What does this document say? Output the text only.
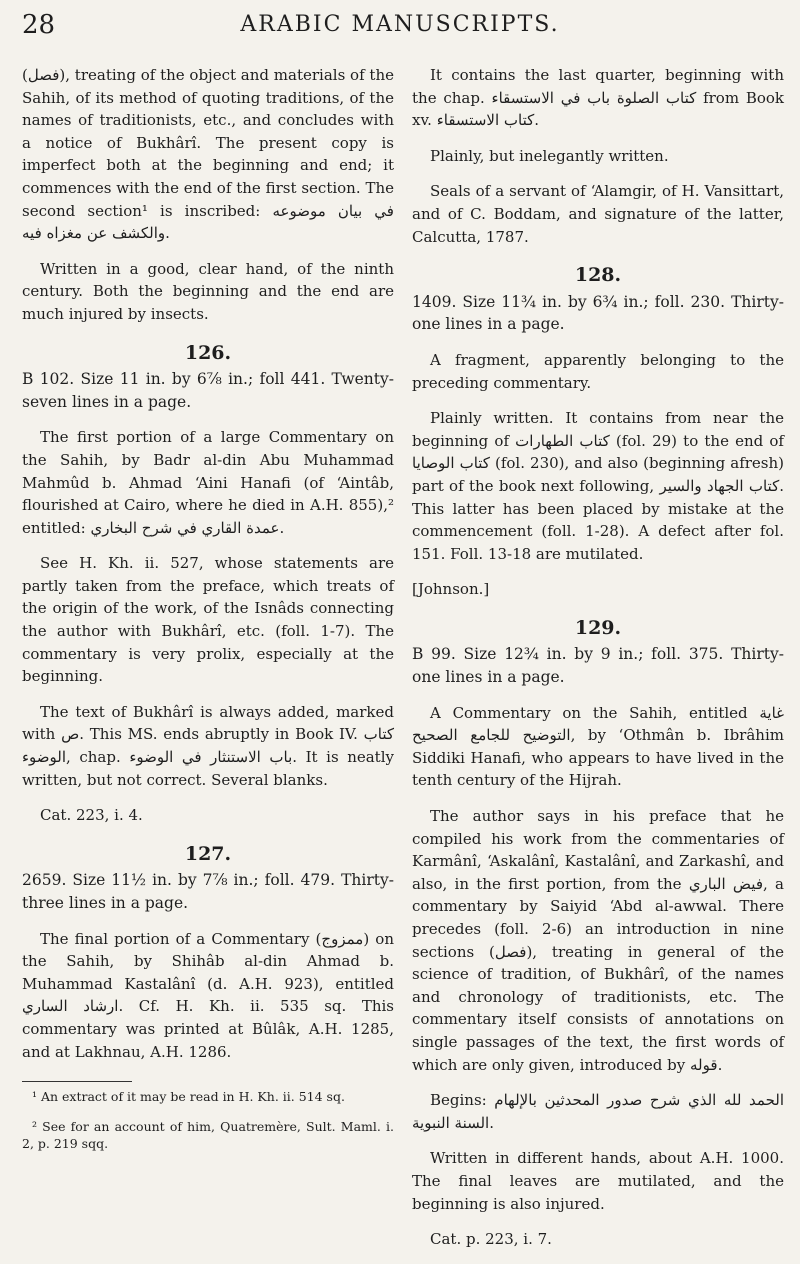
28	ARABIC MANUSCRIPTS.

(فصل), treating of the object and materials of the Sahih, of its method of quoting traditions, of the names of traditionists, etc., and concludes with a notice of Bukhârî. The present copy is imperfect both at the beginning and end; it commences with the end of the first section. The second section¹ is inscribed: في بيان موضوعه والكشف عن مغزاه فيه.

Written in a good, clear hand, of the ninth century. Both the beginning and the end are much injured by insects.

126.

B 102. Size 11 in. by 6⅞ in.; foll 441. Twenty-seven lines in a page.

The first portion of a large Commentary on the Sahih, by Badr al-din Abu Muhammad Mahmûd b. Ahmad ‘Aini Hanafi (of ‘Aintâb, flourished at Cairo, where he died in A.H. 855),² entitled: عمدة القاري في شرح البخاري.

See H. Kh. ii. 527, whose statements are partly taken from the preface, which treats of the origin of the work, of the Isnâds connecting the author with Bukhârî, etc. (foll. 1-7). The commentary is very prolix, especially at the beginning.

The text of Bukhârî is always added, marked with ص. This MS. ends abruptly in Book IV. كتاب الوضوء, chap. باب الاستنثار في الوضوء. It is neatly written, but not correct. Several blanks.

Cat. 223, i. 4.

127.

2659. Size 11½ in. by 7⅞ in.; foll. 479. Thirty-three lines in a page.

The final portion of a Commentary (ممزوج) on the Sahih, by Shihâb al-din Ahmad b. Muhammad Kastalânî (d. A.H. 923), entitled ارشاد الساري. Cf. H. Kh. ii. 535 sq. This commentary was printed at Bûlâk, A.H. 1285, and at Lakhnau, A.H. 1286.

¹ An extract of it may be read in H. Kh. ii. 514 sq.

² See for an account of him, Quatremère, Sult. Maml. i. 2, p. 219 sqq.

It contains the last quarter, beginning with the chap. كتاب الصلوة باب في الاستسقاء from Book xv. كتاب الاستسقاء.

Plainly, but inelegantly written.

Seals of a servant of ‘Alamgir, of H. Vansittart, and of C. Boddam, and signature of the latter, Calcutta, 1787.

128.

1409. Size 11¾ in. by 6¾ in.; foll. 230. Thirty-one lines in a page.

A fragment, apparently belonging to the preceding commentary.

Plainly written. It contains from near the beginning of كتاب الطهارات (fol. 29) to the end of كتاب الوصايا (fol. 230), and also (beginning afresh) part of the book next following, كتاب الجهاد والسير. This latter has been placed by mistake at the commencement (foll. 1-28). A defect after fol. 151. Foll. 13-18 are mutilated.

[Johnson.]

129.

B 99. Size 12¾ in. by 9 in.; foll. 375. Thirty-one lines in a page.

A Commentary on the Sahih, entitled غاية التوضيح للجامع الصحيح, by ‘Othmân b. Ibrâhim Siddiki Hanafi, who appears to have lived in the tenth century of the Hijrah.

The author says in his preface that he compiled his work from the commentaries of Karmânî, ‘Askalânî, Kastalânî, and Zarkashî, and also, in the first portion, from the فيض الباري, a commentary by Saiyid ‘Abd al-awwal. There precedes (foll. 2-6) an introduction in nine sections (فصل), treating in general of the science of tradition, of Bukhârî, of the names and chronology of traditionists, etc. The commentary itself consists of annotations on single passages of the text, the first words of which are only given, introduced by قوله.

Begins: الحمد لله الذي شرح صدور المحدثين بالإلهام السنة النبوية.

Written in different hands, about A.H. 1000. The final leaves are mutilated, and the beginning is also injured.

Cat. p. 223, i. 7.
